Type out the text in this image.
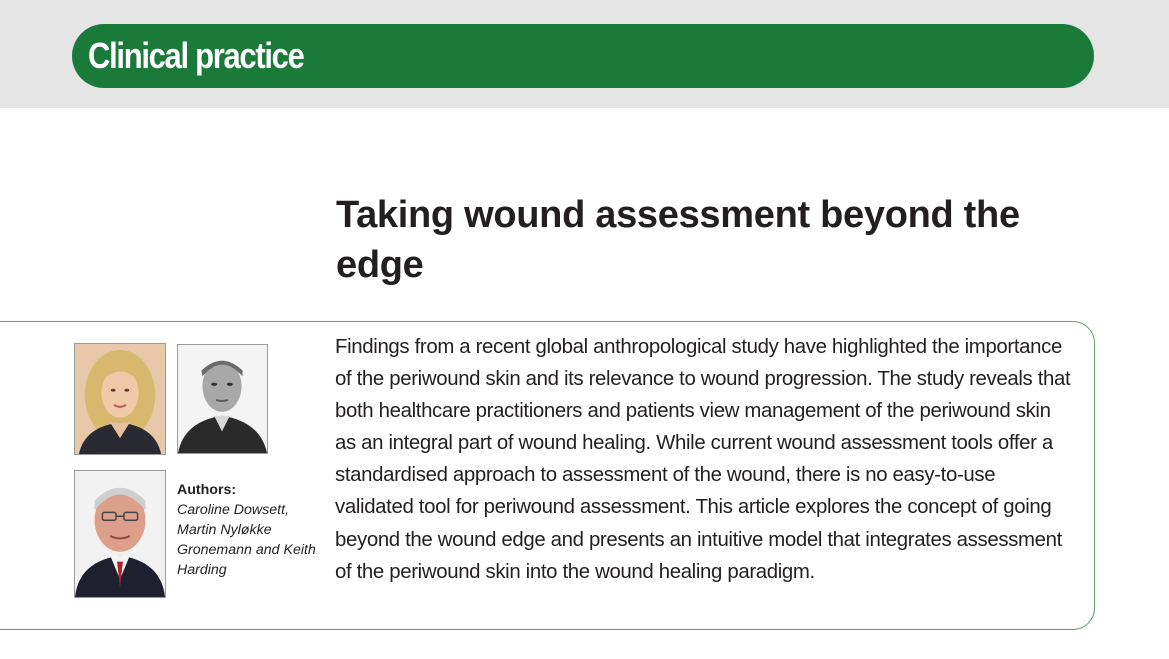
Clinical practice
Taking wound assessment beyond the edge
Authors:
Caroline Dowsett, Martin Nyløkke Gronemann and Keith Harding

Findings from a recent global anthropological study have highlighted the importance of the periwound skin and its relevance to wound progression. The study reveals that both healthcare practitioners and patients view management of the periwound skin as an integral part of wound healing. While current wound assessment tools offer a standardised approach to assessment of the wound, there is no easy-to-use validated tool for periwound assessment. This article explores the concept of going beyond the wound edge and presents an intuitive model that integrates assessment of the periwound skin into the wound healing paradigm.
